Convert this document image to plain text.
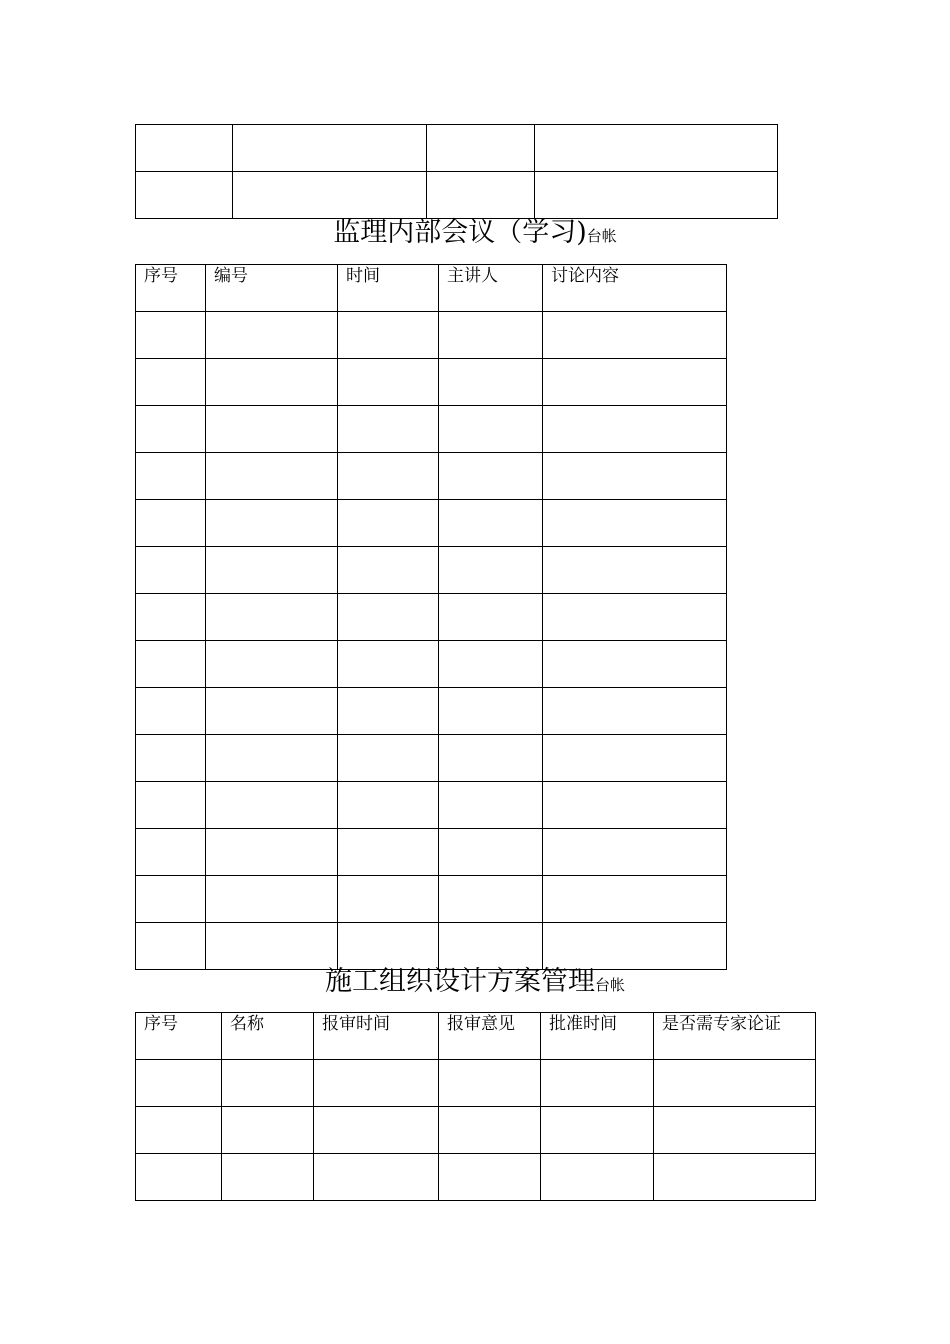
监理内部会议（学习)台帐
序号	编号	时间	主讲人	讨论内容

施工组织设计方案管理台帐
序号	名称	报审时间	报审意见	批准时间	是否需专家论证
